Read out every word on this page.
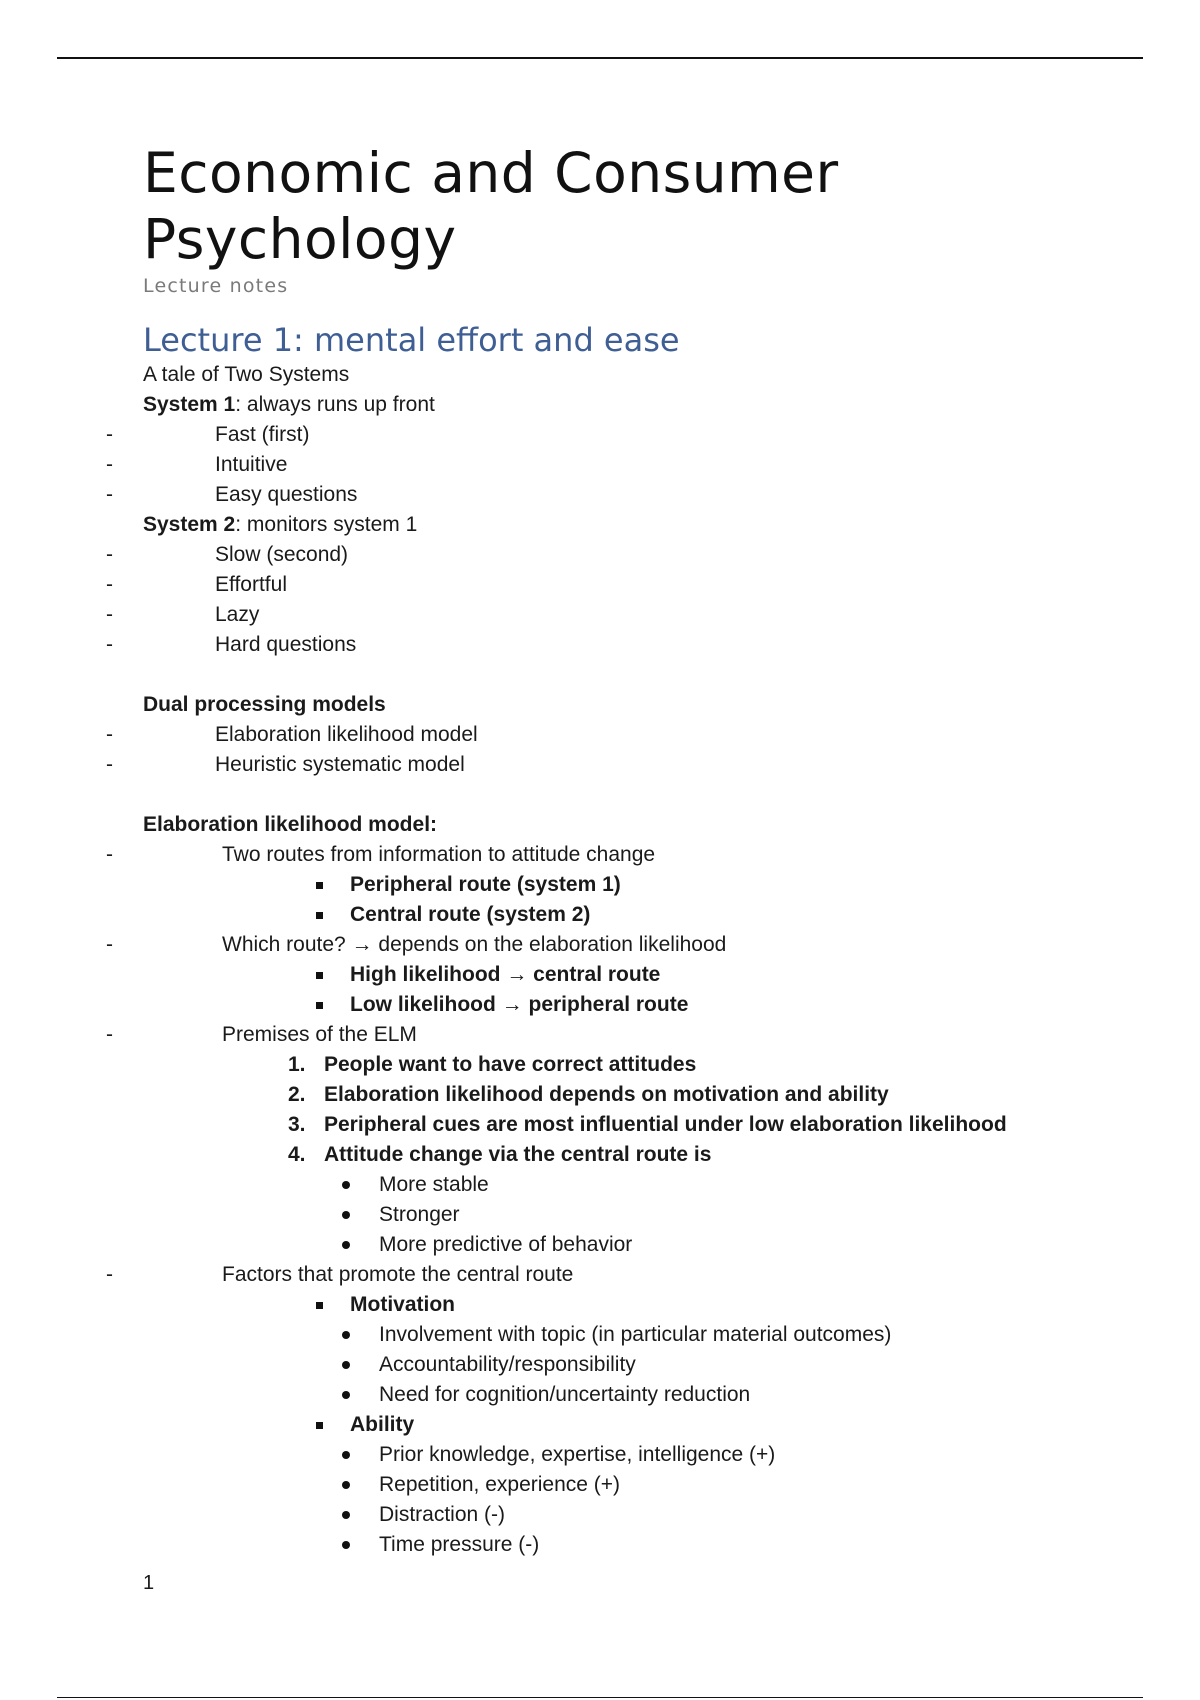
Economic and Consumer Psychology
Lecture notes
Lecture 1: mental effort and ease
A tale of Two Systems
System 1: always runs up front
-	Fast (first)
-	Intuitive
-	Easy questions
System 2: monitors system 1
-	Slow (second)
-	Effortful
-	Lazy
-	Hard questions
Dual processing models
-	Elaboration likelihood model
-	Heuristic systematic model
Elaboration likelihood model:
-	Two routes from information to attitude change
Peripheral route (system 1)
Central route (system 2)
-	Which route? → depends on the elaboration likelihood
High likelihood → central route
Low likelihood → peripheral route
-	Premises of the ELM
1. People want to have correct attitudes
2. Elaboration likelihood depends on motivation and ability
3. Peripheral cues are most influential under low elaboration likelihood
4. Attitude change via the central route is
More stable
Stronger
More predictive of behavior
-	Factors that promote the central route
Motivation
Involvement with topic (in particular material outcomes)
Accountability/responsibility
Need for cognition/uncertainty reduction
Ability
Prior knowledge, expertise, intelligence (+)
Repetition, experience (+)
Distraction (-)
Time pressure (-)
1
